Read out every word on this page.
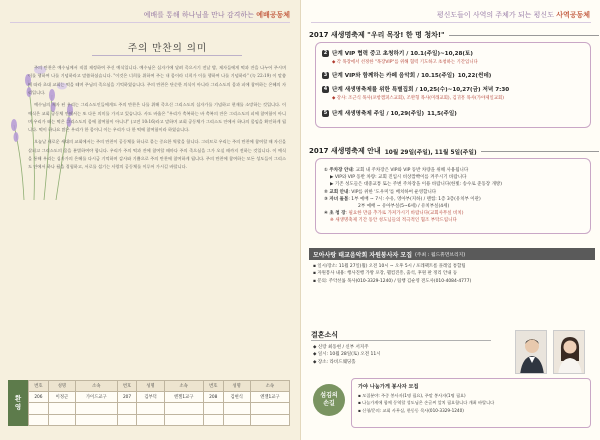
예배를 통해 하나님을 만나 감격하는 예배공동체
주의 만찬의 의미

주의 만찬은 예수님께서 직접 제정하여 주신 예식입니다. 예수님은 십자가에 달려 죽으시기 전날 밤, 제자들에게 떡과 잔을 나누어 주시며 이를 행하여 나를 기념하라고 말씀하셨습니다. "이것은 너희를 위하여 주는 내 몸이라 너희가 이를 행하여 나를 기념하라" (눅 22:19) 이 말씀에 따라 초대 교회는 떡을 떼며 주님의 죽으심을 기억하였습니다. 주의 만찬은 단순한 의식이 아니라 그리스도의 몸과 피에 참여하는 은혜의 자리입니다.

예수님의 제자 된 우리는 그리스도인들에게도 주의 만찬은 나를 위해 죽으신 그리스도의 십자가를 기념하고 현재를 소망하는 것입니다. 이 예식은 교회 공동체 안에서는 또 다른 의미를 가지고 있습니다. 사도 바울은 "우리가 축복하는 바 축복의 잔은 그리스도의 피에 참여함이 아니며 우리가 떼는 떡은 그리스도의 몸에 참여함이 아니냐" (고전 10:16)라고 말하며 교회 공동체가 그리스도 안에서 하나의 몸임을 확인하게 됩니다. 떡이 하나요 많은 우리가 한 몸이니 이는 우리가 다 한 떡에 참여함이라 하였습니다.

오늘날 새로운 세대의 교회에서는 주의 만찬이 공동체를 하나로 묶는 중요한 역할을 합니다. 그러므로 우리는 주의 만찬에 참여할 때 자신을 살피고 그리스도의 몸을 분별하여야 합니다. 우리가 주의 떡과 잔에 참여할 때마다 주의 죽으심을 그가 오실 때까지 전하는 것입니다. 이 예식을 통해 우리는 십자가의 은혜를 다시금 기억하며 감사와 기쁨으로 주의 만찬에 참여하게 됩니다. 주의 만찬에 참여하는 모든 성도들이 그리스도 안에서 하나 됨을 경험하고, 서로를 섬기는 사랑의 공동체를 이루어 가시길 바랍니다.

환영
번호	성명	소속	번호	성명	소속	번호	성명	소속
206	이정근	가이드교구	207	김부덕	엔젤1교구	208	김현식	엔젤1교구

평신도들이 사역의 주체가 되는 평신도 사역공동체
2017 새생명축제 "우리 목장! 한 명 청차!"
2 단계 VIP 협력 중고 초청하기 / 10.1(주일)~10,28(토)
◆ 각 목장에서 선정한 "목장VIP"를 위해 협력 기도하고 초청하는 기간입니다
3 단계 VIP와 함께하는 카페 음악회 / 10.15(주일) 10,22(썬데)
4 단계 새생명축제를 위한 특별집회 / 10,25(수)~10,27(금) 저녁 7:30
◆ 강사: 조근식 목사(포항캠퍼스교회), 조완형 목사(미래교회), 김귀흥 목사(가야제일교회)
5 단계 새생명축제 주일 / 10,29(주일) 11,5(주일)
2017 새생명축제 안내 10월 29일(주일), 11월 5일(주일)
① 주차장 안내: 교회 내 주차장은 VIP와 VIP 동반 차량을 위해 사용됩니다
▶ VIP와 VIP 동반 차량: 교회 진입시 비상깜빡이를 켜주시기 바랍니다
▶ 기존 성도들은 대중교통 또는 주변 주차장을 이용 바랍니다(한빛: 송수로 준동장 개방)
② 교회 안내: VIP를 위한 '도우미'를 배치하여 운영합니다
③ 자녀 돌봄: 1부 예배 ~ 7시: 수유, 영아부(지하) / 랜썸: 1층 3층(유치부 이관)
2부 예배 ~ 유아부실(5~6세) / 유치부실(4세)
④ 초 청 장: 필요한 만큼 추가로 가져가시기 바랍니다(교회사무실 비치)
※ 새생명축제 기간 동안 성도님들의 적극적인 협조 부탁드립니다
모아사랑 태교음악회 자원봉사자 모집 (주최 : 월드휴먼브리지)
▪ 일시/장소: 11월 27일(월) 오전 10시 ~ 오후 5시 / 포레팩트룸 플레임 통합팀
▪ 자원봉사 내용: 행사진행 가방 포장, 웰컴진흥, 출석, 후원 판 정리 안내 등
▪ 문의: 주악선률 목사(010-3329-1240) / 팀행 김순영 전도사(010-4084-4777)
결혼소식
◆ 신랑 최동현 / 신부 서지주
◆ 일시: 10월 28일(토) 오전 11시
◆ 장소: 라비드웨딩홀
섬김의
손길
가야 나눔가게 봉사자 모집
▪ 모집분야: 주중 봉사자(1명 필요), 주말 봉사자(1명 필요)
▪ 나눔가게에 함께 동역할 성도님은 손글씨 앞치 필요합니다 개최 바랍니다
▪ 신청/문의: 교회 사무실, 한동동 목사(010-3329-1240)
